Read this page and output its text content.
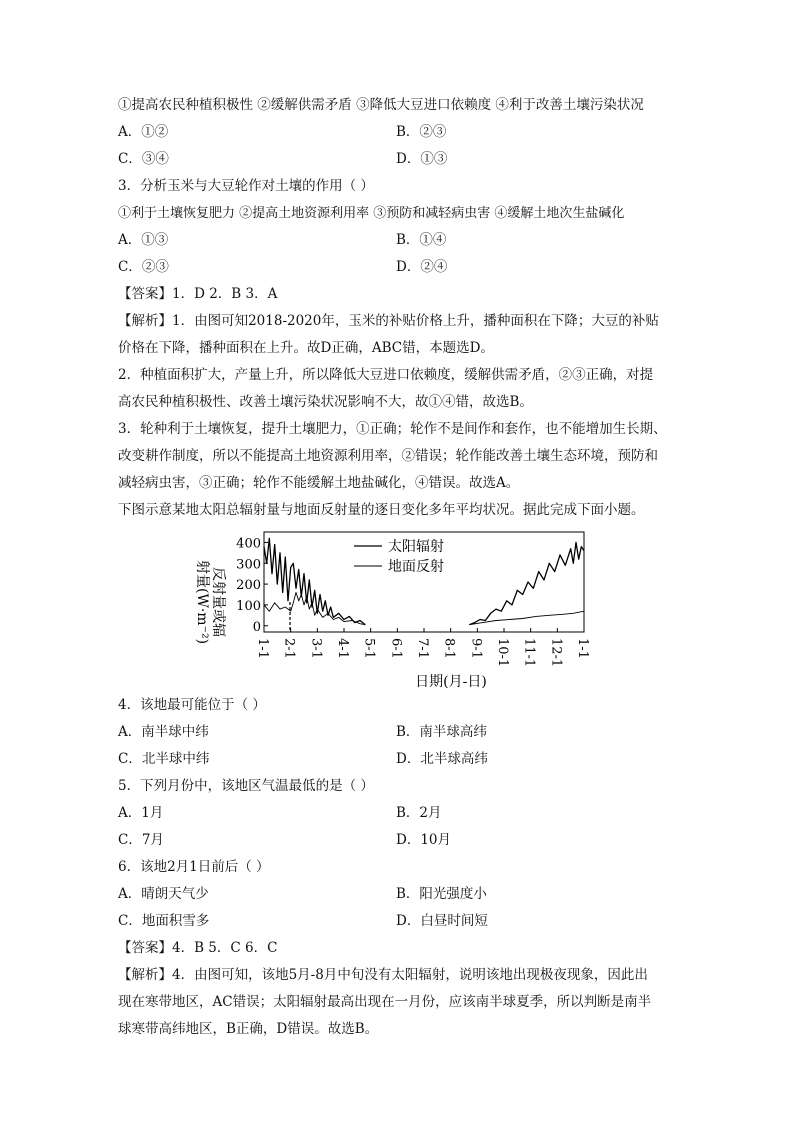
①提高农民种植积极性 ②缓解供需矛盾 ③降低大豆进口依赖度 ④利于改善土壤污染状况
A．①②	B．②③
C．③④	D．①③
3．分析玉米与大豆轮作对土壤的作用（ ）
①利于土壤恢复肥力 ②提高土地资源利用率 ③预防和减轻病虫害 ④缓解土地次生盐碱化
A．①③	B．①④
C．②③	D．②④
【答案】1．D 2．B 3．A
【解析】1．由图可知2018-2020年，玉米的补贴价格上升，播种面积在下降；大豆的补贴
价格在下降，播种面积在上升。故D正确，ABC错，本题选D。
2．种植面积扩大，产量上升，所以降低大豆进口依赖度，缓解供需矛盾，②③正确，对提
高农民种植积极性、改善土壤污染状况影响不大，故①④错，故选B。
3．轮种利于土壤恢复，提升土壤肥力，①正确；轮作不是间作和套作，也不能增加生长期、
改变耕作制度，所以不能提高土地资源利用率，②错误；轮作能改善土壤生态环境，预防和
减轻病虫害，③正确；轮作不能缓解土地盐碱化，④错误。故选A。
下图示意某地太阳总辐射量与地面反射量的逐日变化多年平均状况。据此完成下面小题。
反射量或辐
射量(W·m⁻²)
400
300
200
100
0
1-1 2-1 3-1 4-1 5-1 6-1 7-1 8-1 9-1 10-1 11-1 12-1 1-1
太阳辐射
地面反射
日期(月-日)
4．该地最可能位于（ ）
A．南半球中纬	B．南半球高纬
C．北半球中纬	D．北半球高纬
5．下列月份中，该地区气温最低的是（ ）
A．1月	B．2月
C．7月	D．10月
6．该地2月1日前后（ ）
A．晴朗天气少	B．阳光强度小
C．地面积雪多	D．白昼时间短
【答案】4．B 5．C 6．C
【解析】4．由图可知，该地5月-8月中旬没有太阳辐射，说明该地出现极夜现象，因此出
现在寒带地区，AC错误；太阳辐射最高出现在一月份，应该南半球夏季，所以判断是南半
球寒带高纬地区，B正确，D错误。故选B。
